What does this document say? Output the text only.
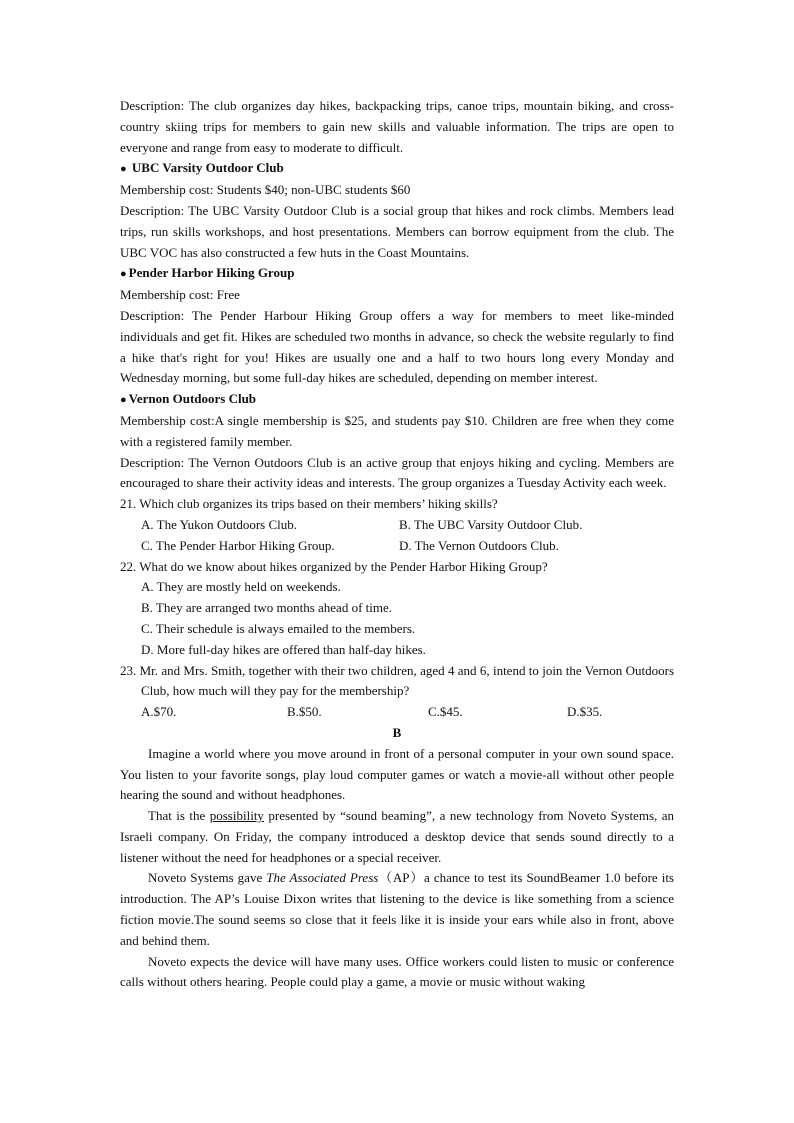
Description: The club organizes day hikes, backpacking trips, canoe trips, mountain biking, and cross-country skiing trips for members to gain new skills and valuable information. The trips are open to everyone and range from easy to moderate to difficult.

● UBC Varsity Outdoor Club

Membership cost: Students $40; non-UBC students $60

Description: The UBC Varsity Outdoor Club is a social group that hikes and rock climbs. Members lead trips, run skills workshops, and host presentations. Members can borrow equipment from the club. The UBC VOC has also constructed a few huts in the Coast Mountains.

● Pender Harbor Hiking Group

Membership cost: Free

Description: The Pender Harbour Hiking Group offers a way for members to meet like-minded individuals and get fit. Hikes are scheduled two months in advance, so check the website regularly to find a hike that's right for you! Hikes are usually one and a half to two hours long every Monday and Wednesday morning, but some full-day hikes are scheduled, depending on member interest.

● Vernon Outdoors Club

Membership cost:A single membership is $25, and students pay $10. Children are free when they come with a registered family member.

Description: The Vernon Outdoors Club is an active group that enjoys hiking and cycling. Members are encouraged to share their activity ideas and interests. The group organizes a Tuesday Activity each week.

21. Which club organizes its trips based on their members’ hiking skills?

A. The Yukon Outdoors Club.	B. The UBC Varsity Outdoor Club.
C. The Pender Harbor Hiking Group.	D. The Vernon Outdoors Club.

22. What do we know about hikes organized by the Pender Harbor Hiking Group?

A. They are mostly held on weekends.

B. They are arranged two months ahead of time.

C. Their schedule is always emailed to the members.

D. More full-day hikes are offered than half-day hikes.

23. Mr. and Mrs. Smith, together with their two children, aged 4 and 6, intend to join the Vernon Outdoors Club, how much will they pay for the membership?

A.$70.	B.$50.	C.$45.	D.$35.

B

Imagine a world where you move around in front of a personal computer in your own sound space. You listen to your favorite songs, play loud computer games or watch a movie-all without other people hearing the sound and without headphones.

That is the possibility presented by “sound beaming”, a new technology from Noveto Systems, an Israeli company. On Friday, the company introduced a desktop device that sends sound directly to a listener without the need for headphones or a special receiver.

Noveto Systems gave The Associated Press（AP）a chance to test its SoundBeamer 1.0 before its introduction. The AP’s Louise Dixon writes that listening to the device is like something from a science fiction movie.The sound seems so close that it feels like it is inside your ears while also in front, above and behind them.

Noveto expects the device will have many uses. Office workers could listen to music or conference calls without others hearing. People could play a game, a movie or music without waking
